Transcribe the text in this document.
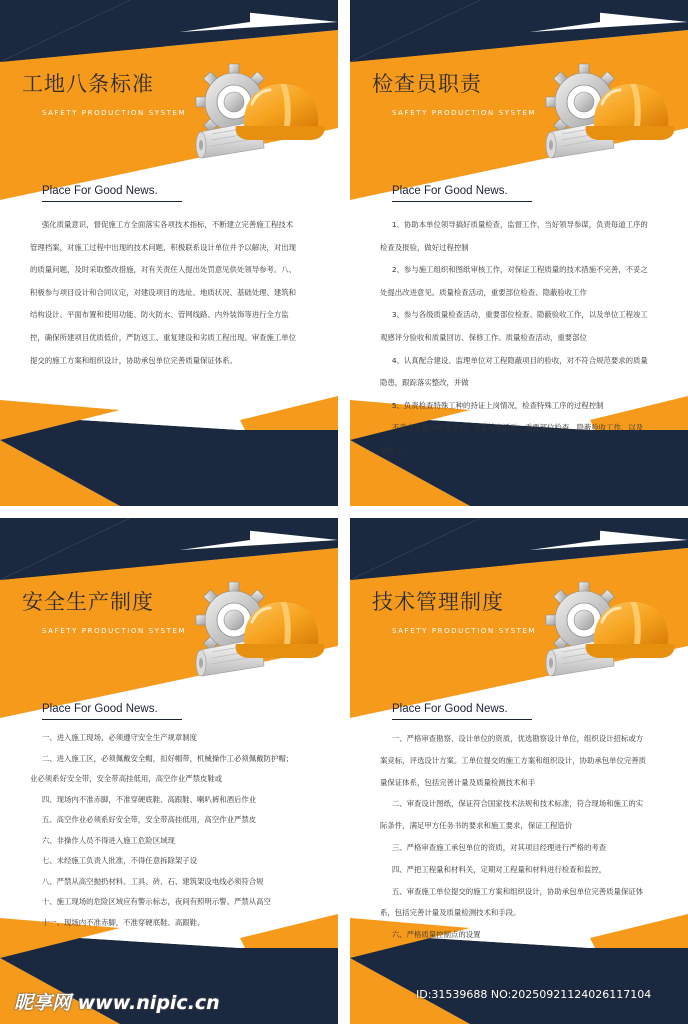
工地八条标准
SAFETY PRODUCTION SYSTEM
Place For Good News.

强化质量意识，督促施工方全面落实各项技术指标，不断建立完善施工程技术管理档案，对施工过程中出现的技术问题，积极联系设计单位并予以解决，对出现的质量问题，及时采取整改措施，对有关责任人提出处罚意见供处领导参考。八、积极参与项目设计和合同议定，对建设项目的选址、地质状况、基础处理、建筑和结构设计、平面布置和使用功能、防火防水、管网线路、内外装饰等进行全方监控，确保所建项目优质低价，严防返工、重复建设和劣质工程出现。审查施工单位提交的施工方案和组织设计，协助承包单位完善质量保证体系。

检查员职责
SAFETY PRODUCTION SYSTEM
Place For Good News.

1、协助本单位领导搞好质量检查，监督工作，当好领导参谋，负责每道工序的检查及报验，做好过程控制

2、参与施工组织和图纸审核工作，对保证工程质量的技术措施不完善，不妥之处提出改进意见。质量检查活动，重要部位检查、隐蔽验收工作

3、参与各级质量检查活动，重要部位检查、隐蔽验收工作，以及单位工程竣工观感评分验收和质量回访、保修工作。质量检查活动，重要部位

4、认真配合建设、监理单位对工程隐蔽项目的验收，对不符合规范要求的质量隐患，跟踪落实整改，并做

5、负责检查特殊工种的持证上岗情况，检查特殊工序的过程控制

不妥之处提出改进意见。质量检查活动，重要部位检查、隐蔽验收工作，以及单位工。

安全生产制度
SAFETY PRODUCTION SYSTEM
Place For Good News.

一、进入施工现场，必须遵守安全生产规章制度

二、进入施工区，必须佩戴安全帽，扣好帽带，机械操作工必须佩戴防护帽；业必须系好安全带，安全带高挂低用，高空作业严禁皮鞋或

四、现场内不准赤脚，不准穿硬底鞋、高跟鞋、喇叭裤和酒后作业

五、高空作业必须系好安全带，安全带高挂低用，高空作业严禁皮

六、非操作人员不得进入施工危险区域现

七、未经施工负责人批准，不得任意拆除架子设

八、严禁从高空抛扔材料、工具、砖、石、建筑架设电线必须符合规

十、施工现场的危险区域应有警示标志，夜间有照明示警。严禁从高空

十一、现场内不准赤脚，不准穿硬底鞋、高跟鞋、

技术管理制度
SAFETY PRODUCTION SYSTEM
Place For Good News.

一、严格审查勘察、设计单位的资质，优选勘察设计单位，组织设计招标或方案竞标，评选设计方案。工单位提交的施工方案和组织设计，协助承包单位完善质量保证体系，包括完善计量及质量检测技术和手

二、审查设计图纸，保证符合国家技术法规和技术标准，符合现场和施工的实际条件，满足甲方任务书的要求和施工要求，保证工程造价

三、严格审查施工承包单位的资质，对其项目经理进行严格的考查

四、严把工程量和材料关，定期对工程量和材料进行检查和监控，

五、审查施工单位提交的施工方案和组织设计，协助承包单位完善质量保证体系，包括完善计量及质量检测技术和手段。

六、严格质量控制点的设置

昵享网 www.nipic.cn	ID:31539688 NO:20250921124026117104
